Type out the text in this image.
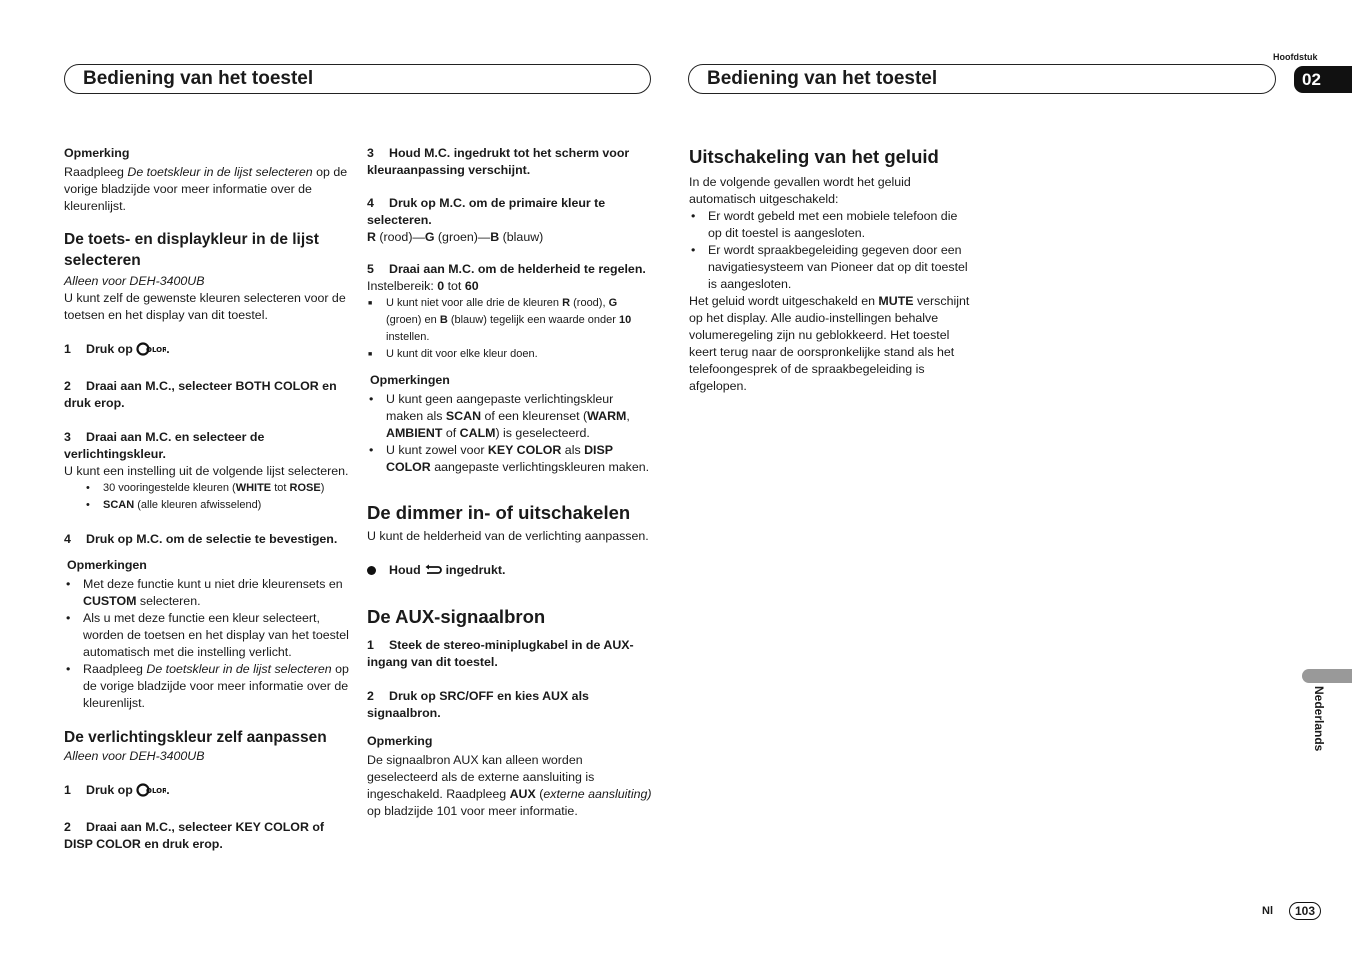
Bediening van het toestel	Bediening van het toestel
Hoofdstuk
02

Opmerking

Raadpleeg De toetskleur in de lijst selecteren op de vorige bladzijde voor meer informatie over de kleurenlijst.

De toets- en displaykleur in de lijst selecteren

Alleen voor DEH-3400UB

U kunt zelf de gewenste kleuren selecteren voor de toetsen en het display van dit toestel.

1 Druk op OLOR
.

2 Draai aan M.C., selecteer BOTH COLOR en druk erop.

3 Draai aan M.C. en selecteer de verlichtingskleur.

U kunt een instelling uit de volgende lijst selecteren.

• 30 vooringestelde kleuren (WHITE tot ROSE)
• SCAN (alle kleuren afwisselend)

4 Druk op M.C. om de selectie te bevestigen.

Opmerkingen

• Met deze functie kunt u niet drie kleurensets en CUSTOM selecteren.
• Als u met deze functie een kleur selecteert, worden de toetsen en het display van het toestel automatisch met die instelling verlicht.
• Raadpleeg De toetskleur in de lijst selecteren op de vorige bladzijde voor meer informatie over de kleurenlijst.

De verlichtingskleur zelf aanpassen

Alleen voor DEH-3400UB

1 Druk op OLOR
.

2 Draai aan M.C., selecteer KEY COLOR of DISP COLOR en druk erop.

3 Houd M.C. ingedrukt tot het scherm voor kleuraanpassing verschijnt.

4 Druk op M.C. om de primaire kleur te selecteren.

R (rood)—G (groen)—B (blauw)

5 Draai aan M.C. om de helderheid te regelen.

Instelbereik: 0 tot 60

■ U kunt niet voor alle drie de kleuren R (rood), G (groen) en B (blauw) tegelijk een waarde onder 10 instellen.
■ U kunt dit voor elke kleur doen.

Opmerkingen

• U kunt geen aangepaste verlichtingskleur maken als SCAN of een kleurenset (WARM, AMBIENT of CALM) is geselecteerd.
• U kunt zowel voor KEY COLOR als DISP COLOR aangepaste verlichtingskleuren maken.

De dimmer in- of uitschakelen

U kunt de helderheid van de verlichting aanpassen.

Houd ingedrukt.

De AUX-signaalbron

1 Steek de stereo-miniplugkabel in de AUX-ingang van dit toestel.

2 Druk op SRC/OFF en kies AUX als signaalbron.

Opmerking

De signaalbron AUX kan alleen worden geselecteerd als de externe aansluiting is ingeschakeld. Raadpleeg AUX (externe aansluiting) op bladzijde 101 voor meer informatie.

Uitschakeling van het geluid

In de volgende gevallen wordt het geluid automatisch uitgeschakeld:

• Er wordt gebeld met een mobiele telefoon die op dit toestel is aangesloten.
• Er wordt spraakbegeleiding gegeven door een navigatiesysteem van Pioneer dat op dit toestel is aangesloten.

Het geluid wordt uitgeschakeld en MUTE verschijnt op het display. Alle audio-instellingen behalve volumeregeling zijn nu geblokkeerd. Het toestel keert terug naar de oorspronkelijke stand als het telefoongesprek of de spraakbegeleiding is afgelopen.

Nederlands
Nl	103
